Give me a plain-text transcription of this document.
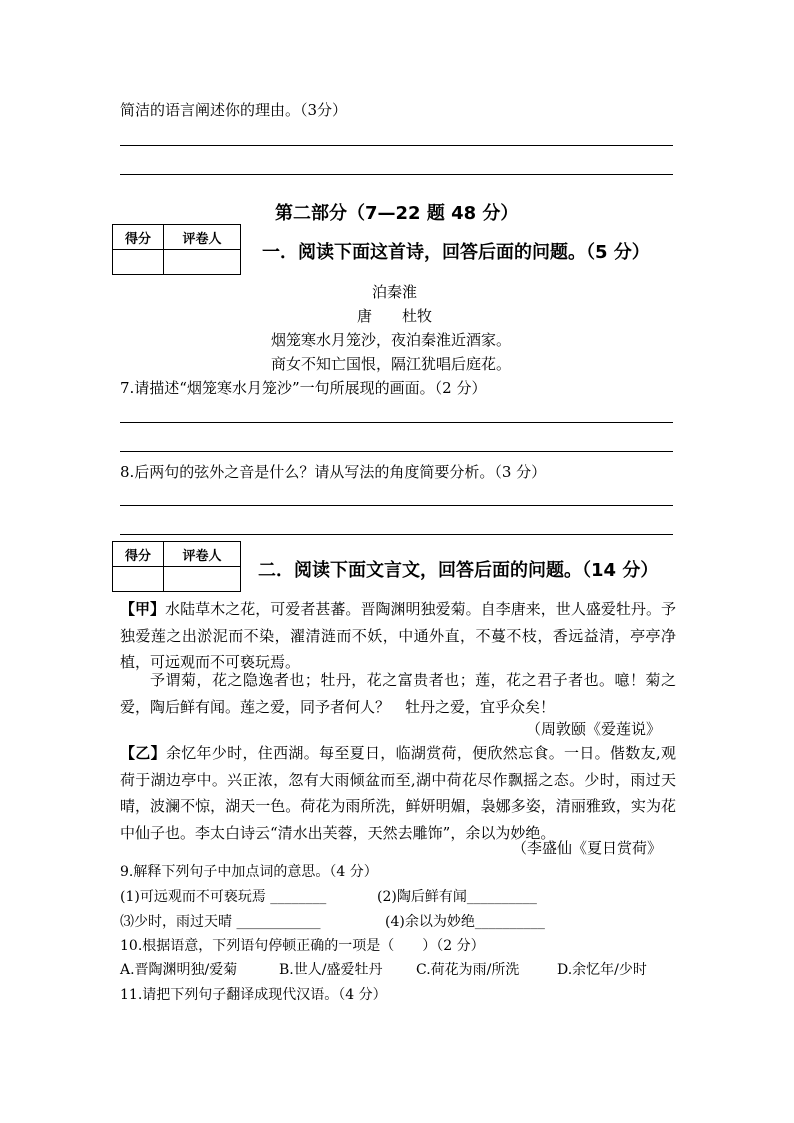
简洁的语言阐述你的理由。（3分）
第二部分（7—22 题 48 分）
得分	评卷人

一．阅读下面这首诗，回答后面的问题。（5 分）
泊秦淮
唐　　杜牧
烟笼寒水月笼沙，夜泊秦淮近酒家。
商女不知亡国恨，隔江犹唱后庭花。
7.请描述“烟笼寒水月笼沙”一句所展现的画面。（2 分）
8.后两句的弦外之音是什么？请从写法的角度简要分析。（3 分）
得分	评卷人

二．阅读下面文言文，回答后面的问题。（14 分）
【甲】水陆草木之花，可爱者甚蕃。晋陶渊明独爱菊。自李唐来，世人盛爱牡丹。予独爱莲之出淤泥而不染，濯清涟而不妖，中通外直，不蔓不枝，香远益清，亭亭净植，可远观而不可亵玩焉。
予谓菊，花之隐逸者也；牡丹，花之富贵者也；莲，花之君子者也。噫！菊之爱，陶后鲜有闻。莲之爱，同予者何人？　牡丹之爱，宜乎众矣！
（周敦颐《爱莲说》
【乙】余忆年少时，住西湖。每至夏日，临湖赏荷，便欣然忘食。一日。偕数友,观荷于湖边亭中。兴正浓，忽有大雨倾盆而至,湖中荷花尽作飘摇之态。少时，雨过天晴，波澜不惊，湖天一色。荷花为雨所洗，鲜妍明媚，袅娜多姿，清丽雅致，实为花中仙子也。李太白诗云“清水出芙蓉，天然去雕饰”，余以为妙绝。
（李盛仙《夏日赏荷》
9.解释下列句子中加点词的意思。（4 分）
(1)可远观而不可亵玩焉 ________	(2)陶后鲜有闻__________
⑶少时，雨过天晴 ____________	(4)余以为妙绝__________
10.根据语意，下列语句停顿正确的一项是（　　）（2 分）
A.晋陶渊明独/爱菊	B.世人/盛爱牡丹 C.荷花为雨/所洗	D.余忆年/少时
11.请把下列句子翻译成现代汉语。（4 分）
